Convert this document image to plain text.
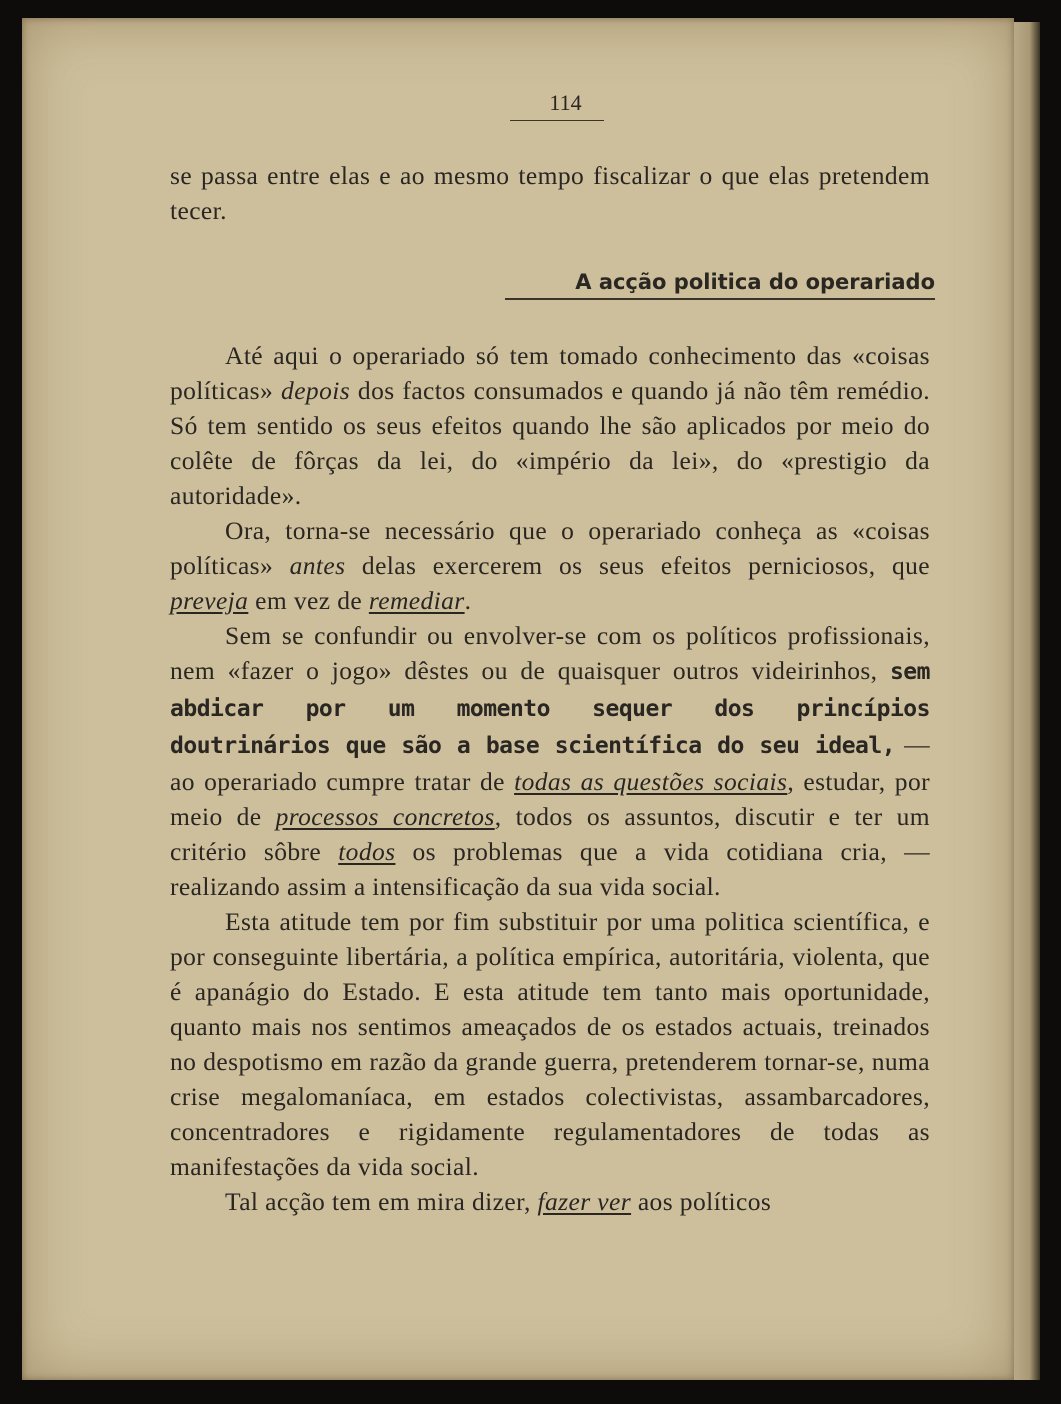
114

se passa entre elas e ao mesmo tempo fiscalizar o que elas pretendem tecer.

A acção politica do operariado

Até aqui o operariado só tem tomado conhecimento das «coisas políticas» depois dos factos consumados e quando já não têm remédio. Só tem sentido os seus efeitos quando lhe são aplicados por meio do colête de fôrças da lei, do «império da lei», do «prestigio da autoridade».

Ora, torna-se necessário que o operariado conheça as «coisas políticas» antes delas exercerem os seus efeitos perniciosos, que preveja em vez de remediar.

Sem se confundir ou envolver-se com os políticos profissionais, nem «fazer o jogo» dêstes ou de quaisquer outros videirinhos, sem abdicar por um momento sequer dos princípios doutrinários que são a base scientífica do seu ideal, — ao operariado cumpre tratar de todas as questões sociais, estudar, por meio de processos concretos, todos os assuntos, discutir e ter um critério sôbre todos os problemas que a vida cotidiana cria, — realizando assim a intensificação da sua vida social.

Esta atitude tem por fim substituir por uma politica scientífica, e por conseguinte libertária, a política empírica, autoritária, violenta, que é apanágio do Estado. E esta atitude tem tanto mais oportunidade, quanto mais nos sentimos ameaçados de os estados actuais, treinados no despotismo em razão da grande guerra, pretenderem tornar-se, numa crise megalomaníaca, em estados colectivistas, assambarcadores, concentradores e rigidamente regulamentadores de todas as manifestações da vida social.

Tal acção tem em mira dizer, fazer ver aos políticos
